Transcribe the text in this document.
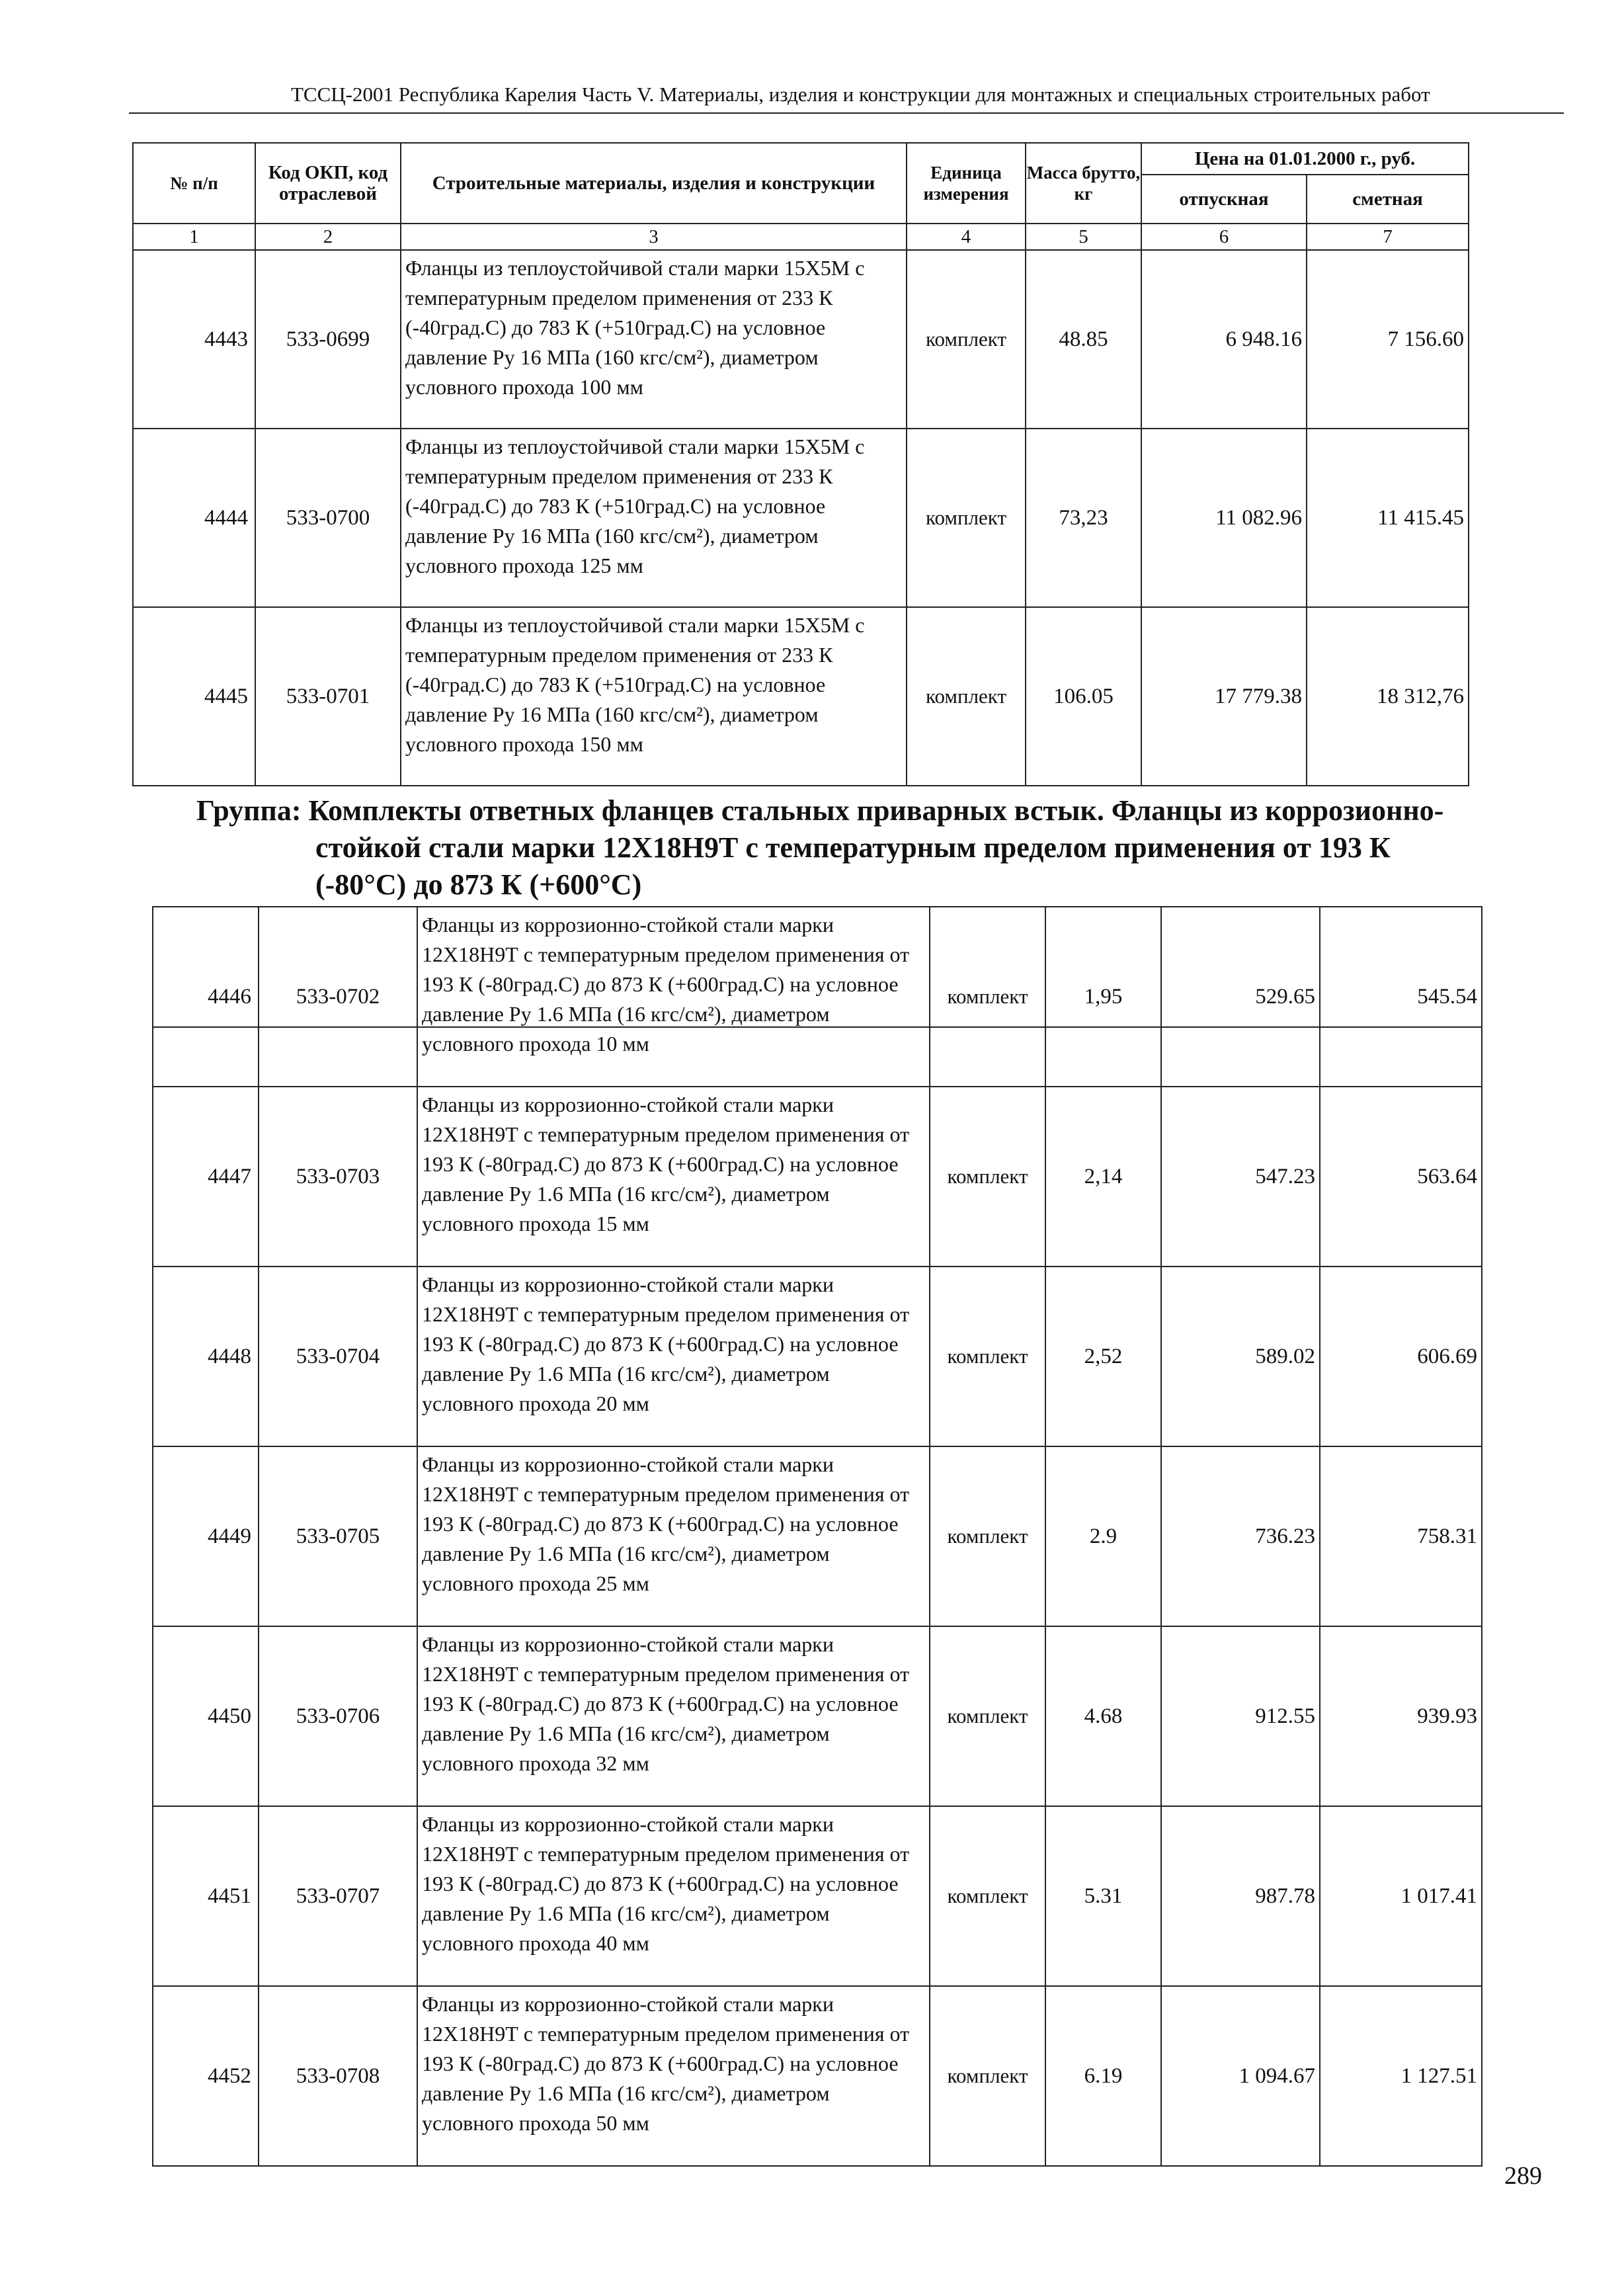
ТССЦ-2001 Республика Карелия Часть V. Материалы, изделия и конструкции для монтажных и специальных строительных работ
№ п/п	Код ОКП, код отраслевой	Строительные материалы, изделия и конструкции	Единица измерения	Масса брутто, кг	Цена на 01.01.2000 г., руб.	
					отпускная	сметная
1	2	3	4	5	6	7
4443	533-0699	Фланцы из теплоустойчивой стали марки 15Х5М с температурным пределом применения от 233 К (-40град.С) до 783 К (+510град.С) на условное давление Ру 16 МПа (160 кгс/см²), диаметром условного прохода 100 мм	комплект	48.85	6 948.16	7 156.60
4444	533-0700	Фланцы из теплоустойчивой стали марки 15Х5М с температурным пределом применения от 233 К (-40град.С) до 783 К (+510град.С) на условное давление Ру 16 МПа (160 кгс/см²), диаметром условного прохода 125 мм	комплект	73,23	11 082.96	11 415.45
4445	533-0701	Фланцы из теплоустойчивой стали марки 15Х5М с температурным пределом применения от 233 К (-40град.С) до 783 К (+510град.С) на условное давление Ру 16 МПа (160 кгс/см²), диаметром условного прохода 150 мм	комплект	106.05	17 779.38	18 312,76
Группа: Комплекты ответных фланцев стальных приварных встык. Фланцы из коррозионно-стойкой стали марки 12Х18Н9Т с температурным пределом применения от 193 К (-80°С) до 873 К (+600°С)
4446	533-0702	Фланцы из коррозионно-стойкой стали марки 12Х18Н9Т с температурным пределом применения от 193 К (-80град.С) до 873 К (+600град.С) на условное давление Ру 1.6 МПа (16 кгс/см²), диаметром условного прохода 10 мм	комплект	1,95	529.65	545.54
4447	533-0703	Фланцы из коррозионно-стойкой стали марки 12Х18Н9Т с температурным пределом применения от 193 К (-80град.С) до 873 К (+600град.С) на условное давление Ру 1.6 МПа (16 кгс/см²), диаметром условного прохода 15 мм	комплект	2,14	547.23	563.64
4448	533-0704	Фланцы из коррозионно-стойкой стали марки 12Х18Н9Т с температурным пределом применения от 193 К (-80град.С) до 873 К (+600град.С) на условное давление Ру 1.6 МПа (16 кгс/см²), диаметром условного прохода 20 мм	комплект	2,52	589.02	606.69
4449	533-0705	Фланцы из коррозионно-стойкой стали марки 12Х18Н9Т с температурным пределом применения от 193 К (-80град.С) до 873 К (+600град.С) на условное давление Ру 1.6 МПа (16 кгс/см²), диаметром условного прохода 25 мм	комплект	2.9	736.23	758.31
4450	533-0706	Фланцы из коррозионно-стойкой стали марки 12Х18Н9Т с температурным пределом применения от 193 К (-80град.С) до 873 К (+600град.С) на условное давление Ру 1.6 МПа (16 кгс/см²), диаметром условного прохода 32 мм	комплект	4.68	912.55	939.93
4451	533-0707	Фланцы из коррозионно-стойкой стали марки 12Х18Н9Т с температурным пределом применения от 193 К (-80град.С) до 873 К (+600град.С) на условное давление Ру 1.6 МПа (16 кгс/см²), диаметром условного прохода 40 мм	комплект	5.31	987.78	1 017.41
4452	533-0708	Фланцы из коррозионно-стойкой стали марки 12Х18Н9Т с температурным пределом применения от 193 К (-80град.С) до 873 К (+600град.С) на условное давление Ру 1.6 МПа (16 кгс/см²), диаметром условного прохода 50 мм	комплект	6.19	1 094.67	1 127.51
289
